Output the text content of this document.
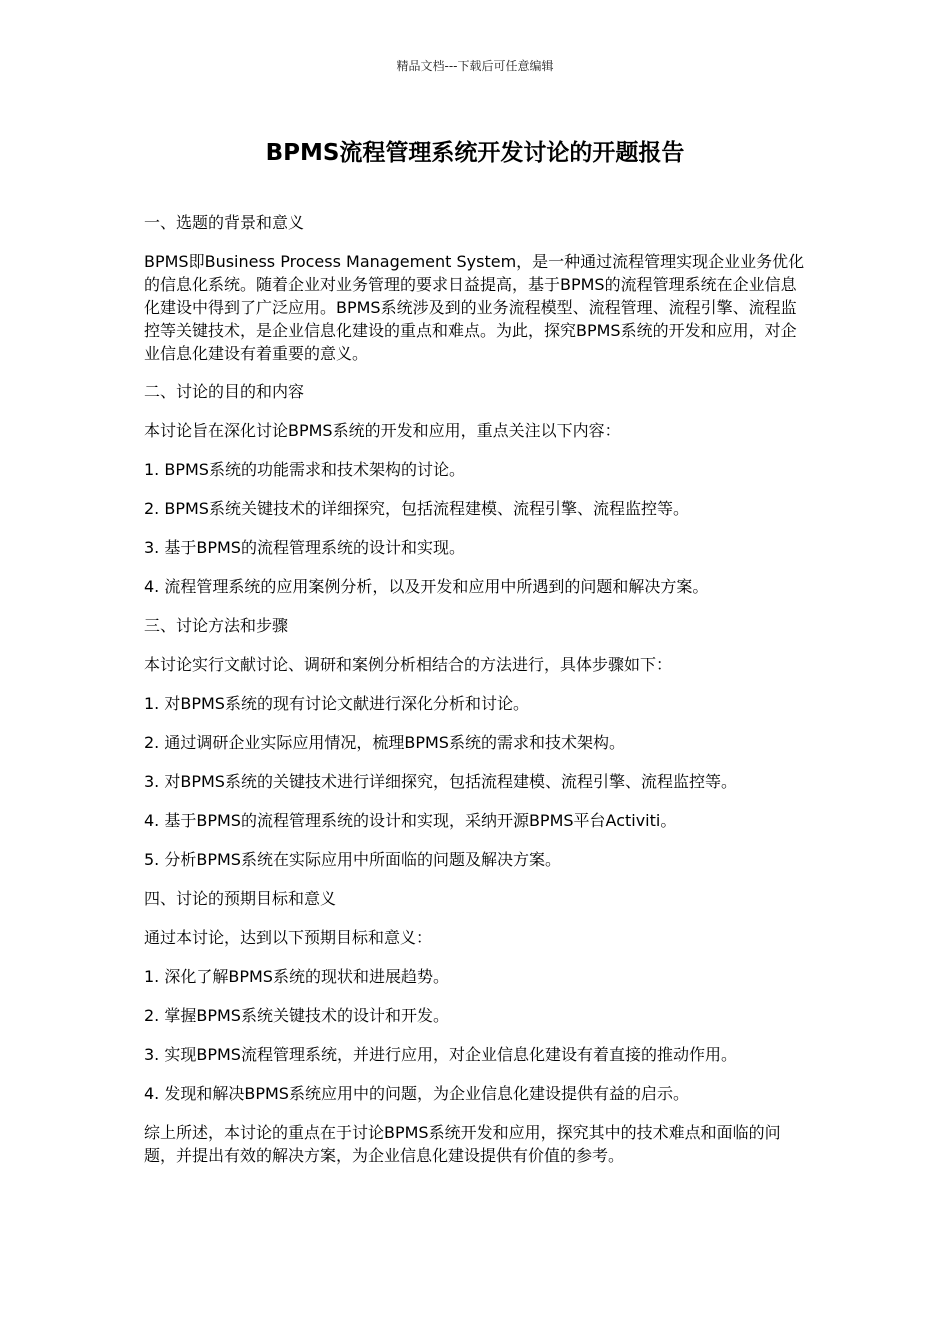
精品文档---下载后可任意编辑
BPMS流程管理系统开发讨论的开题报告

一、选题的背景和意义

BPMS即Business Process Management System，是一种通过流程管理实现企业业务优化的信息化系统。随着企业对业务管理的要求日益提高，基于BPMS的流程管理系统在企业信息化建设中得到了广泛应用。BPMS系统涉及到的业务流程模型、流程管理、流程引擎、流程监控等关键技术，是企业信息化建设的重点和难点。为此，探究BPMS系统的开发和应用，对企业信息化建设有着重要的意义。

二、讨论的目的和内容

本讨论旨在深化讨论BPMS系统的开发和应用，重点关注以下内容：

1. BPMS系统的功能需求和技术架构的讨论。

2. BPMS系统关键技术的详细探究，包括流程建模、流程引擎、流程监控等。

3. 基于BPMS的流程管理系统的设计和实现。

4. 流程管理系统的应用案例分析，以及开发和应用中所遇到的问题和解决方案。

三、讨论方法和步骤

本讨论实行文献讨论、调研和案例分析相结合的方法进行，具体步骤如下：

1. 对BPMS系统的现有讨论文献进行深化分析和讨论。

2. 通过调研企业实际应用情况，梳理BPMS系统的需求和技术架构。

3. 对BPMS系统的关键技术进行详细探究，包括流程建模、流程引擎、流程监控等。

4. 基于BPMS的流程管理系统的设计和实现，采纳开源BPMS平台Activiti。

5. 分析BPMS系统在实际应用中所面临的问题及解决方案。

四、讨论的预期目标和意义

通过本讨论，达到以下预期目标和意义：

1. 深化了解BPMS系统的现状和进展趋势。

2. 掌握BPMS系统关键技术的设计和开发。

3. 实现BPMS流程管理系统，并进行应用，对企业信息化建设有着直接的推动作用。

4. 发现和解决BPMS系统应用中的问题，为企业信息化建设提供有益的启示。

综上所述，本讨论的重点在于讨论BPMS系统开发和应用，探究其中的技术难点和面临的问题，并提出有效的解决方案，为企业信息化建设提供有价值的参考。
